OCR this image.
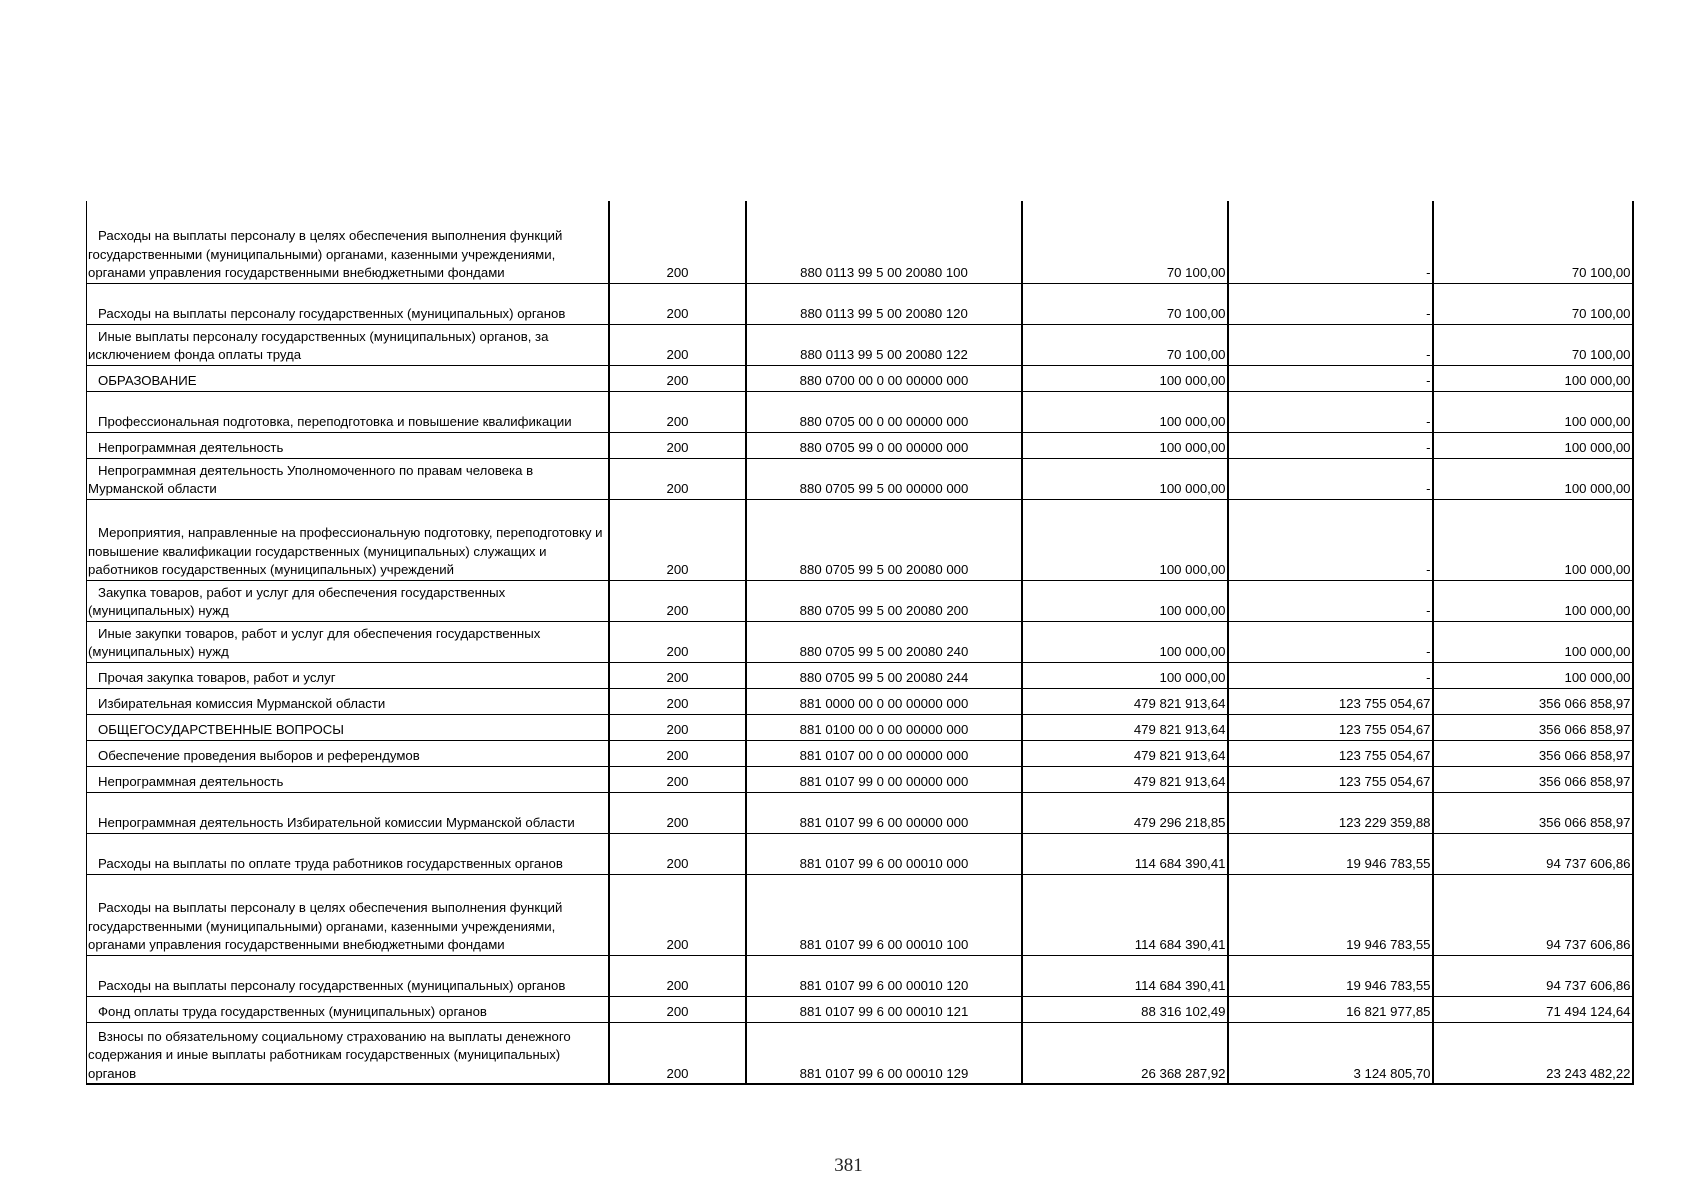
Расходы на выплаты персоналу в целях обеспечения выполнения функций государственными (муниципальными) органами, казенными учреждениями, органами управления государственными внебюджетными фондами	200	880 0113 99 5 00 20080 100	70 100,00	-	70 100,00

Расходы на выплаты персоналу государственных (муниципальных) органов	200	880 0113 99 5 00 20080 120	70 100,00	-	70 100,00

Иные выплаты персоналу государственных (муниципальных) органов, за исключением фонда оплаты труда	200	880 0113 99 5 00 20080 122	70 100,00	-	70 100,00

ОБРАЗОВАНИЕ	200	880 0700 00 0 00 00000 000	100 000,00	-	100 000,00

Профессиональная подготовка, переподготовка и повышение квалификации	200	880 0705 00 0 00 00000 000	100 000,00	-	100 000,00

Непрограммная деятельность	200	880 0705 99 0 00 00000 000	100 000,00	-	100 000,00

Непрограммная деятельность Уполномоченного по правам человека в Мурманской области	200	880 0705 99 5 00 00000 000	100 000,00	-	100 000,00

Мероприятия, направленные на профессиональную подготовку, переподготовку и повышение квалификации государственных (муниципальных) служащих и работников государственных (муниципальных) учреждений	200	880 0705 99 5 00 20080 000	100 000,00	-	100 000,00

Закупка товаров, работ и услуг для обеспечения государственных (муниципальных) нужд	200	880 0705 99 5 00 20080 200	100 000,00	-	100 000,00

Иные закупки товаров, работ и услуг для обеспечения государственных (муниципальных) нужд	200	880 0705 99 5 00 20080 240	100 000,00	-	100 000,00

Прочая закупка товаров, работ и услуг	200	880 0705 99 5 00 20080 244	100 000,00	-	100 000,00

Избирательная комиссия Мурманской области	200	881 0000 00 0 00 00000 000	479 821 913,64	123 755 054,67	356 066 858,97

ОБЩЕГОСУДАРСТВЕННЫЕ ВОПРОСЫ	200	881 0100 00 0 00 00000 000	479 821 913,64	123 755 054,67	356 066 858,97

Обеспечение проведения выборов и референдумов	200	881 0107 00 0 00 00000 000	479 821 913,64	123 755 054,67	356 066 858,97

Непрограммная деятельность	200	881 0107 99 0 00 00000 000	479 821 913,64	123 755 054,67	356 066 858,97

Непрограммная деятельность Избирательной комиссии Мурманской области	200	881 0107 99 6 00 00000 000	479 296 218,85	123 229 359,88	356 066 858,97

Расходы на выплаты по оплате труда работников государственных органов	200	881 0107 99 6 00 00010 000	114 684 390,41	19 946 783,55	94 737 606,86

Расходы на выплаты персоналу в целях обеспечения выполнения функций государственными (муниципальными) органами, казенными учреждениями, органами управления государственными внебюджетными фондами	200	881 0107 99 6 00 00010 100	114 684 390,41	19 946 783,55	94 737 606,86

Расходы на выплаты персоналу государственных (муниципальных) органов	200	881 0107 99 6 00 00010 120	114 684 390,41	19 946 783,55	94 737 606,86

Фонд оплаты труда государственных (муниципальных) органов	200	881 0107 99 6 00 00010 121	88 316 102,49	16 821 977,85	71 494 124,64

Взносы по обязательному социальному страхованию на выплаты денежного содержания и иные выплаты работникам государственных (муниципальных) органов	200	881 0107 99 6 00 00010 129	26 368 287,92	3 124 805,70	23 243 482,22
381
